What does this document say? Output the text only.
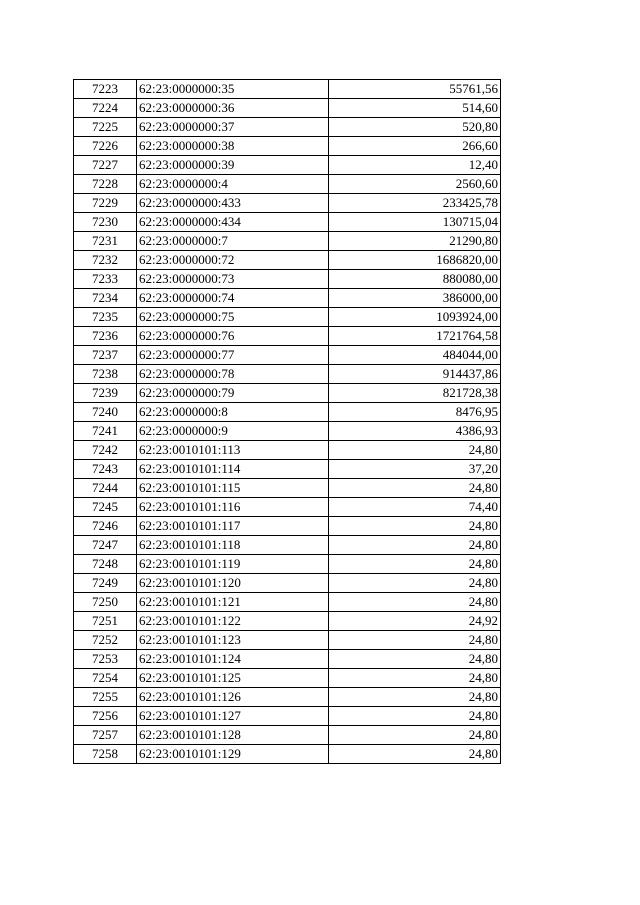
7223	62:23:0000000:35	55761,56
7224	62:23:0000000:36	514,60
7225	62:23:0000000:37	520,80
7226	62:23:0000000:38	266,60
7227	62:23:0000000:39	12,40
7228	62:23:0000000:4	2560,60
7229	62:23:0000000:433	233425,78
7230	62:23:0000000:434	130715,04
7231	62:23:0000000:7	21290,80
7232	62:23:0000000:72	1686820,00
7233	62:23:0000000:73	880080,00
7234	62:23:0000000:74	386000,00
7235	62:23:0000000:75	1093924,00
7236	62:23:0000000:76	1721764,58
7237	62:23:0000000:77	484044,00
7238	62:23:0000000:78	914437,86
7239	62:23:0000000:79	821728,38
7240	62:23:0000000:8	8476,95
7241	62:23:0000000:9	4386,93
7242	62:23:0010101:113	24,80
7243	62:23:0010101:114	37,20
7244	62:23:0010101:115	24,80
7245	62:23:0010101:116	74,40
7246	62:23:0010101:117	24,80
7247	62:23:0010101:118	24,80
7248	62:23:0010101:119	24,80
7249	62:23:0010101:120	24,80
7250	62:23:0010101:121	24,80
7251	62:23:0010101:122	24,92
7252	62:23:0010101:123	24,80
7253	62:23:0010101:124	24,80
7254	62:23:0010101:125	24,80
7255	62:23:0010101:126	24,80
7256	62:23:0010101:127	24,80
7257	62:23:0010101:128	24,80
7258	62:23:0010101:129	24,80
